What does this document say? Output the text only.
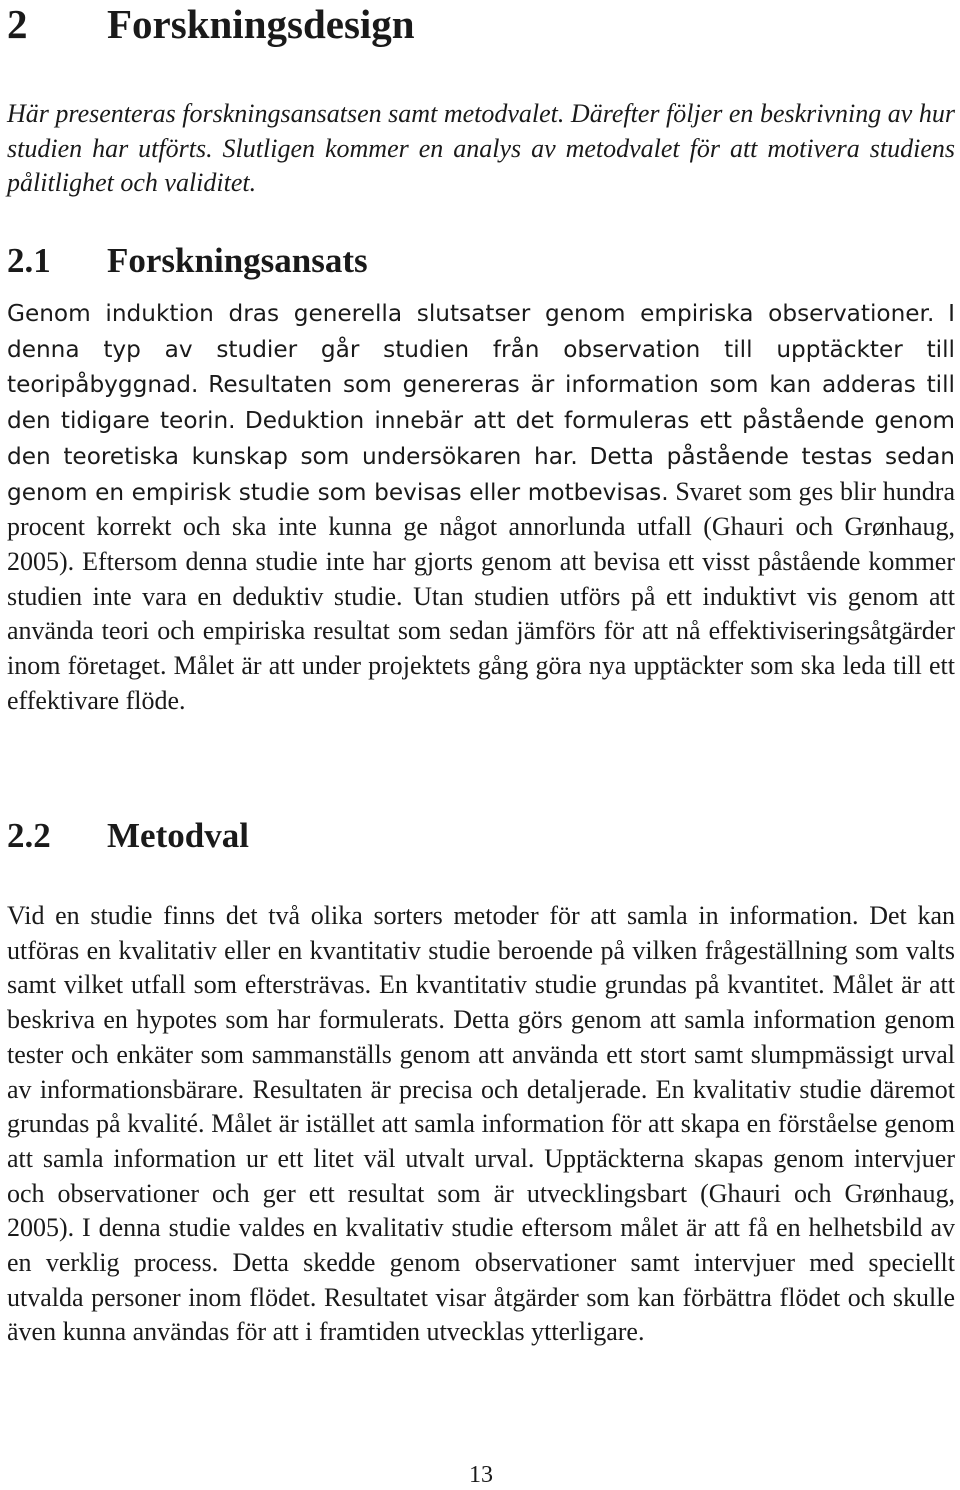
2 Forskningsdesign

Här presenteras forskningsansatsen samt metodvalet. Därefter följer en beskrivning av hur studien har utförts. Slutligen kommer en analys av metodvalet för att motivera studiens pålitlighet och validitet.

2.1 Forskningsansats

Genom induktion dras generella slutsatser genom empiriska observationer. I denna typ av studier går studien från observation till upptäckter till teoripåbyggnad. Resultaten som genereras är information som kan adderas till den tidigare teorin. Deduktion innebär att det formuleras ett påstående genom den teoretiska kunskap som undersökaren har. Detta påstående testas sedan genom en empirisk studie som bevisas eller motbevisas. Svaret som ges blir hundra procent korrekt och ska inte kunna ge något annorlunda utfall (Ghauri och Grønhaug, 2005). Eftersom denna studie inte har gjorts genom att bevisa ett visst påstående kommer studien inte vara en deduktiv studie. Utan studien utförs på ett induktivt vis genom att använda teori och empiriska resultat som sedan jämförs för att nå effektiviseringsåtgärder inom företaget. Målet är att under projektets gång göra nya upptäckter som ska leda till ett effektivare flöde.

2.2 Metodval

Vid en studie finns det två olika sorters metoder för att samla in information. Det kan utföras en kvalitativ eller en kvantitativ studie beroende på vilken frågeställning som valts samt vilket utfall som eftersträvas. En kvantitativ studie grundas på kvantitet. Målet är att beskriva en hypotes som har formulerats. Detta görs genom att samla information genom tester och enkäter som sammanställs genom att använda ett stort samt slumpmässigt urval av informationsbärare. Resultaten är precisa och detaljerade. En kvalitativ studie däremot grundas på kvalité. Målet är istället att samla information för att skapa en förståelse genom att samla information ur ett litet väl utvalt urval. Upptäckterna skapas genom intervjuer och observationer och ger ett resultat som är utvecklingsbart (Ghauri och Grønhaug, 2005). I denna studie valdes en kvalitativ studie eftersom målet är att få en helhetsbild av en verklig process. Detta skedde genom observationer samt intervjuer med speciellt utvalda personer inom flödet. Resultatet visar åtgärder som kan förbättra flödet och skulle även kunna användas för att i framtiden utvecklas ytterligare.

13
